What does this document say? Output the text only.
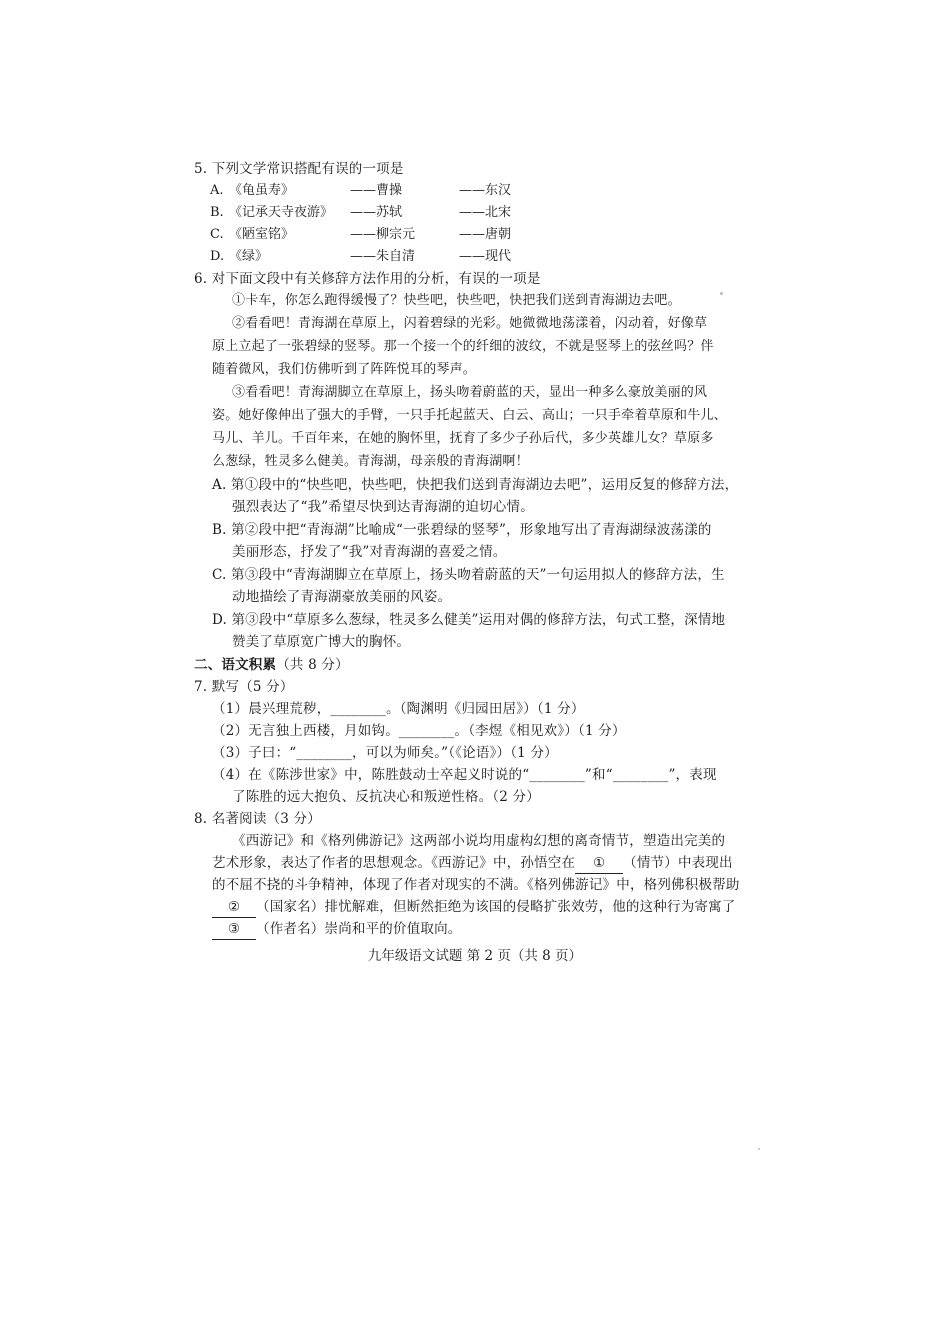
5. 下列文学常识搭配有误的一项是
A. 《龟虽寿》	——曹操	——东汉
B. 《记承天寺夜游》 ——苏轼	——北宋
C. 《陋室铭》	——柳宗元	——唐朝
D. 《绿》	——朱自清	——现代
6. 对下面文段中有关修辞方法作用的分析，有误的一项是
①卡车，你怎么跑得缓慢了？快些吧，快些吧，快把我们送到青海湖边去吧。
②看看吧！青海湖在草原上，闪着碧绿的光彩。她微微地荡漾着，闪动着，好像草
原上立起了一张碧绿的竖琴。那一个接一个的纤细的波纹，不就是竖琴上的弦丝吗？伴
随着微风，我们仿佛听到了阵阵悦耳的琴声。
③看看吧！青海湖脚立在草原上，扬头吻着蔚蓝的天，显出一种多么豪放美丽的风
姿。她好像伸出了强大的手臂，一只手托起蓝天、白云、高山；一只手牵着草原和牛儿、
马儿、羊儿。千百年来，在她的胸怀里，抚育了多少子孙后代，多少英雄儿女？草原多
么葱绿，牲灵多么健美。青海湖，母亲般的青海湖啊！
A. 第①段中的“快些吧，快些吧，快把我们送到青海湖边去吧”，运用反复的修辞方法，
强烈表达了“我”希望尽快到达青海湖的迫切心情。
B. 第②段中把“青海湖”比喻成“一张碧绿的竖琴”，形象地写出了青海湖绿波荡漾的
美丽形态，抒发了“我”对青海湖的喜爱之情。
C. 第③段中“青海湖脚立在草原上，扬头吻着蔚蓝的天”一句运用拟人的修辞方法，生
动地描绘了青海湖豪放美丽的风姿。
D. 第③段中“草原多么葱绿，牲灵多么健美”运用对偶的修辞方法，句式工整，深情地
赞美了草原宽广博大的胸怀。
二、语文积累（共 8 分）
7. 默写（5 分）
（1）晨兴理荒秽，________。（陶渊明《归园田居》）（1 分）
（2）无言独上西楼，月如钩。________。（李煜《相见欢》）（1 分）
（3）子曰：“________，可以为师矣。”（《论语》）（1 分）
（4）在《陈涉世家》中，陈胜鼓动士卒起义时说的“________”和“________”，表现
了陈胜的远大抱负、反抗决心和叛逆性格。（2 分）
8. 名著阅读（3 分）
《西游记》和《格列佛游记》这两部小说均用虚构幻想的离奇情节，塑造出完美的
艺术形象，表达了作者的思想观念。《西游记》中，孙悟空在 ① （情节）中表现出
的不屈不挠的斗争精神，体现了作者对现实的不满。《格列佛游记》中，格列佛积极帮助
② （国家名）排忧解难，但断然拒绝为该国的侵略扩张效劳，他的这种行为寄寓了
③ （作者名）崇尚和平的价值取向。
九年级语文试题 第 2 页（共 8 页）
